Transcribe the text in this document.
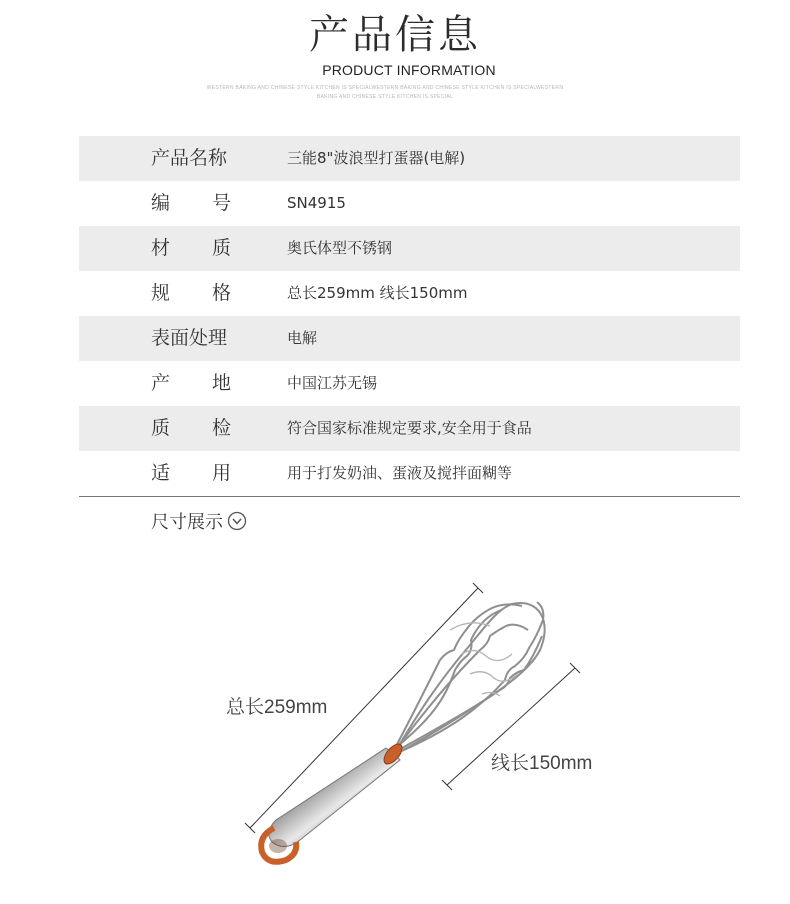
产品信息
PRODUCT INFORMATION
WESTERN BAKING AND CHINESE STYLE KITCHEN IS SPECIALWESTERN BAKING AND CHINESE STYLE KITCHEN IS SPECIALWESTERN
BAKING AND CHINESE STYLE KITCHEN IS SPECIAL
产品名称	三能8"波浪型打蛋器(电解)
编号	SN4915
材质	奥氏体型不锈钢
规格	总长259mm 线长150mm
表面处理	电解
产地	中国江苏无锡
质检	符合国家标准规定要求,安全用于食品
适用	用于打发奶油、蛋液及搅拌面糊等
尺寸展示
总长259mm
线长150mm
